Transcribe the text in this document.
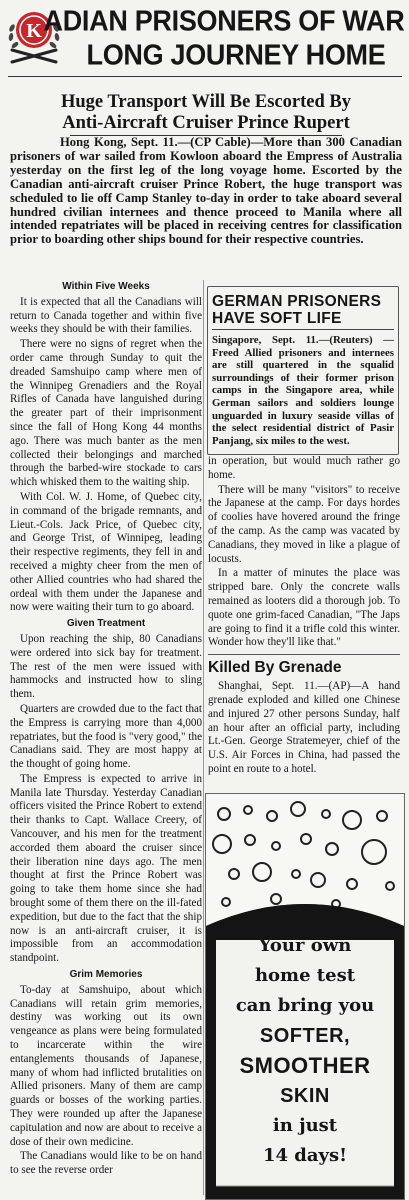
K ADIAN PRISONERS OF WAR
LONG JOURNEY HOME
Huge Transport Will Be Escorted By
Anti-Aircraft Cruiser Prince Rupert
Hong Kong, Sept. 11.—(CP Cable)—More than 300 Canadian prisoners of war sailed from Kowloon aboard the Empress of Australia yesterday on the first leg of the long voyage home. Escorted by the Canadian anti-aircraft cruiser Prince Robert, the huge transport was scheduled to lie off Camp Stanley to-day in order to take aboard several hundred civilian internees and thence proceed to Manila where all intended repatriates will be placed in receiving centres for classification prior to boarding other ships bound for their respective countries.
Within Five Weeks

It is expected that all the Canadians will return to Canada together and within five weeks they should be with their families.

There were no signs of regret when the order came through Sunday to quit the dreaded Samshuipo camp where men of the Winnipeg Grenadiers and the Royal Rifles of Canada have languished during the greater part of their imprisonment since the fall of Hong Kong 44 months ago. There was much banter as the men collected their belongings and marched through the barbed-wire stockade to cars which whisked them to the waiting ship.

With Col. W. J. Home, of Quebec city, in command of the brigade remnants, and Lieut.-Cols. Jack Price, of Quebec city, and George Trist, of Winnipeg, leading their respective regiments, they fell in and received a mighty cheer from the men of other Allied countries who had shared the ordeal with them under the Japanese and now were waiting their turn to go aboard.

Given Treatment

Upon reaching the ship, 80 Canadians were ordered into sick bay for treatment. The rest of the men were issued with hammocks and instructed how to sling them.

Quarters are crowded due to the fact that the Empress is carrying more than 4,000 repatriates, but the food is "very good," the Canadians said. They are most happy at the thought of going home.

The Empress is expected to arrive in Manila late Thursday. Yesterday Canadian officers visited the Prince Robert to extend their thanks to Capt. Wallace Creery, of Vancouver, and his men for the treatment accorded them aboard the cruiser since their liberation nine days ago. The men thought at first the Prince Robert was going to take them home since she had brought some of them there on the ill-fated expedition, but due to the fact that the ship now is an anti-aircraft cruiser, it is impossible from an accommodation standpoint.

Grim Memories

To-day at Samshuipo, about which Canadians will retain grim memories, destiny was working out its own vengeance as plans were being formulated to incarcerate within the wire entanglements thousands of Japanese, many of whom had inflicted brutalities on Allied prisoners. Many of them are camp guards or bosses of the working parties. They were rounded up after the Japanese capitulation and now are about to receive a dose of their own medicine.

The Canadians would like to be on hand to see the reverse order

GERMAN PRISONERS
HAVE SOFT LIFE
Singapore, Sept. 11.—(Reuters) —Freed Allied prisoners and internees are still quartered in the squalid surroundings of their former prison camps in the Singapore area, while German sailors and soldiers lounge unguarded in luxury seaside villas of the select residential district of Pasir Panjang, six miles to the west.

in operation, but would much rather go home.

There will be many "visitors" to receive the Japanese at the camp. For days hordes of coolies have hovered around the fringe of the camp. As the camp was vacated by Canadians, they moved in like a plague of locusts.

In a matter of minutes the place was stripped bare. Only the concrete walls remained as looters did a thorough job. To quote one grim-faced Canadian, "The Japs are going to find it a trifle cold this winter. Wonder how they'll like that."

Killed By Grenade

Shanghai, Sept. 11.—(AP)—A hand grenade exploded and killed one Chinese and injured 27 other persons Sunday, half an hour after an official party, including Lt.-Gen. George Stratemeyer, chief of the U.S. Air Forces in China, had passed the point en route to a hotel.

Your own
home test
can bring you
SOFTER,
SMOOTHER
SKIN
in just
14 days!
